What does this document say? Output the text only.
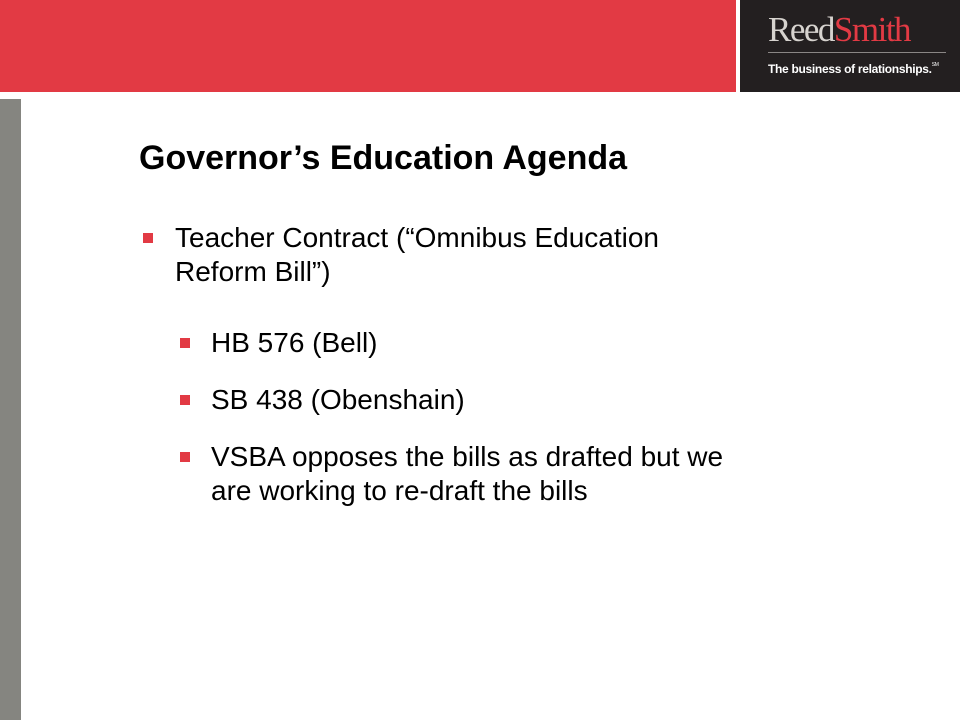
ReedSmith
The business of relationships.℠
Governor’s Education Agenda
Teacher Contract (“Omnibus Education
Reform Bill”)
HB 576 (Bell)
SB 438 (Obenshain)
VSBA opposes the bills as drafted but we
are working to re-draft the bills
